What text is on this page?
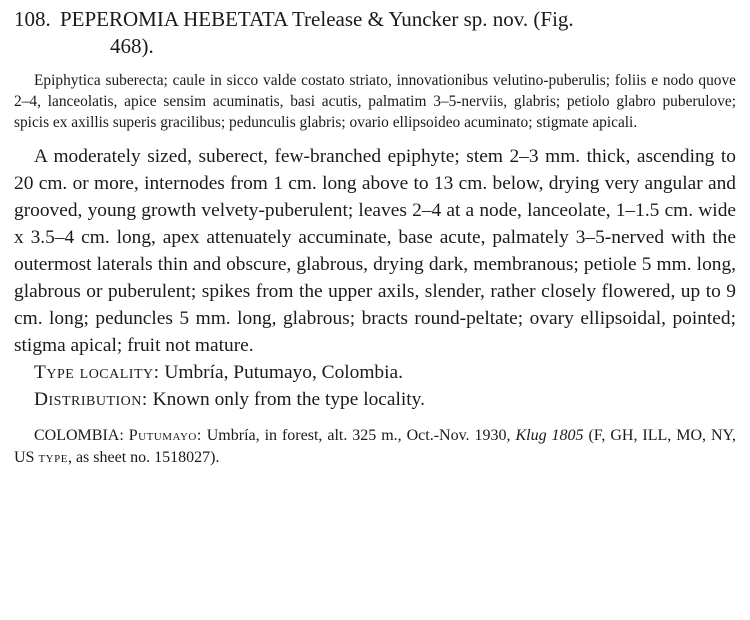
108. PEPEROMIA HEBETATA Trelease & Yuncker sp. nov. (Fig.
468).

Epiphytica suberecta; caule in sicco valde costato striato, innovationibus velutino-puberulis; foliis e nodo quove 2–4, lanceolatis, apice sensim acuminatis, basi acutis, palmatim 3–5-nerviis, glabris; petiolo glabro puberulove; spicis ex axillis superis gracilibus; pedunculis glabris; ovario ellipsoideo acuminato; stigmate apicali.

A moderately sized, suberect, few-branched epiphyte; stem 2–3 mm. thick, ascending to 20 cm. or more, internodes from 1 cm. long above to 13 cm. below, drying very angular and grooved, young growth velvety-puberulent; leaves 2–4 at a node, lanceolate, 1–1.5 cm. wide x 3.5–4 cm. long, apex attenuately accuminate, base acute, palmately 3–5-nerved with the outermost laterals thin and obscure, glabrous, drying dark, membranous; petiole 5 mm. long, glabrous or puberulent; spikes from the upper axils, slender, rather closely flowered, up to 9 cm. long; peduncles 5 mm. long, glabrous; bracts round-peltate; ovary ellipsoidal, pointed; stigma apical; fruit not mature.

Type locality: Umbría, Putumayo, Colombia.

Distribution: Known only from the type locality.

COLOMBIA: Putumayo: Umbría, in forest, alt. 325 m., Oct.-Nov. 1930, Klug 1805 (F, GH, ILL, MO, NY, US type, as sheet no. 1518027).
